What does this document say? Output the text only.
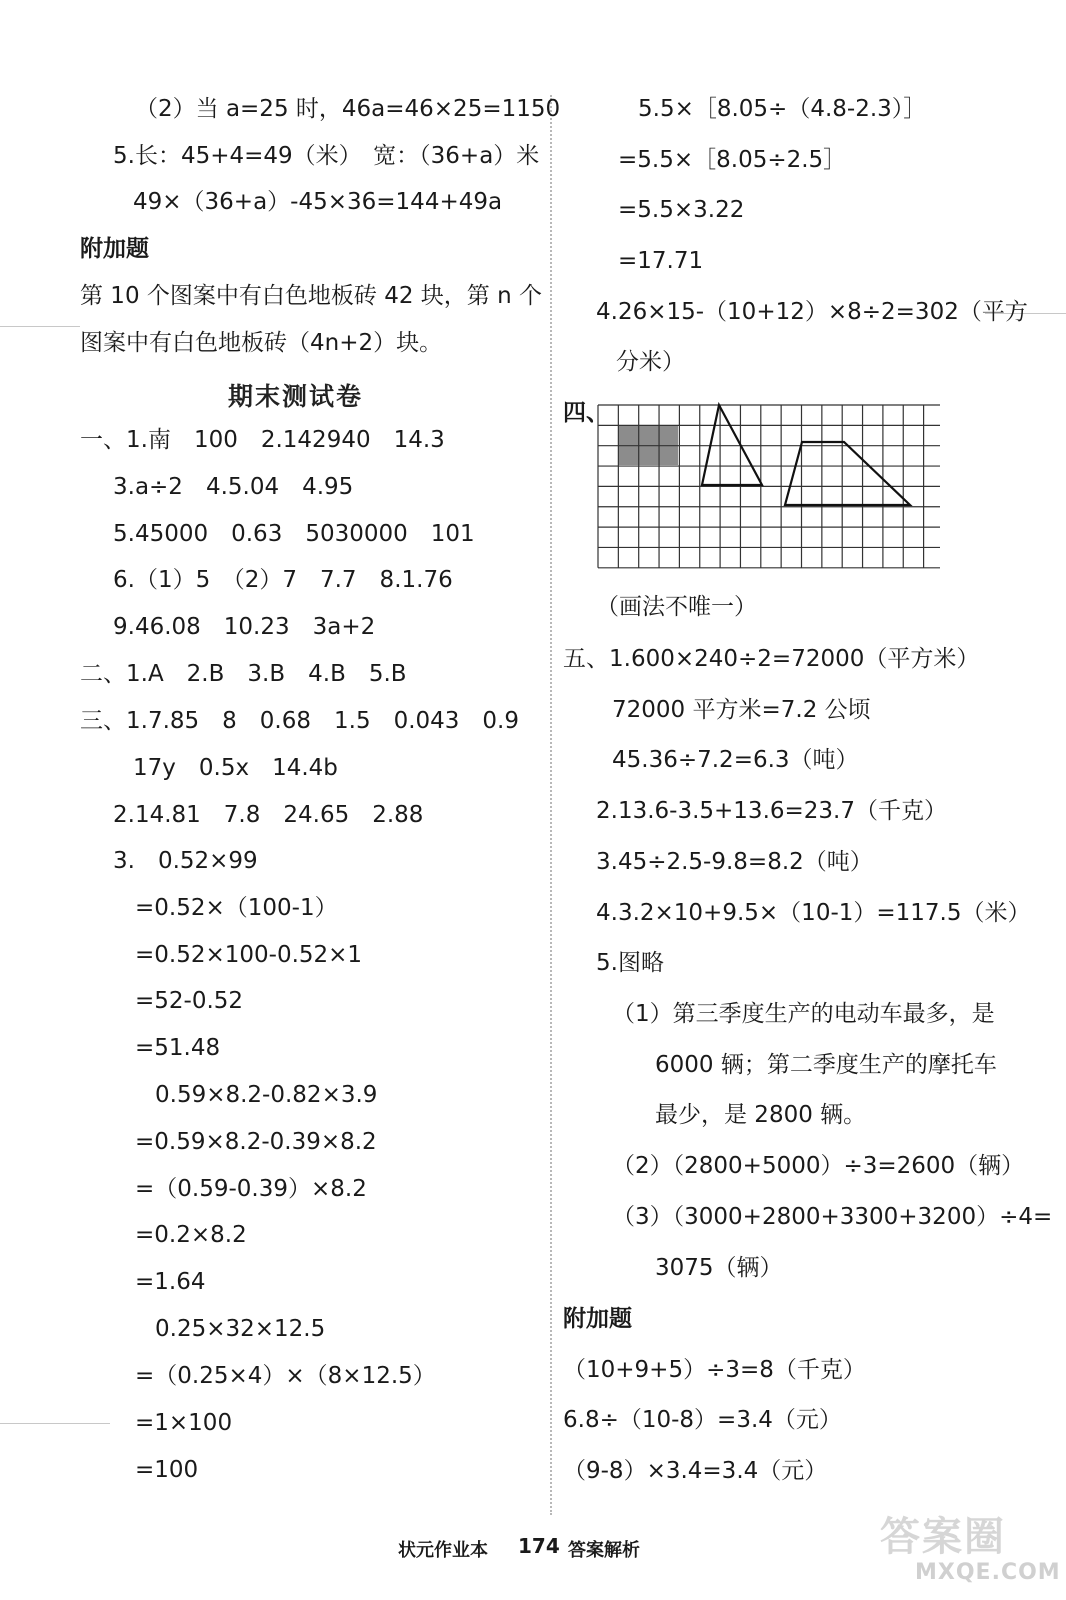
（2）当 a=25 时，46a=46×25=1150
5.长：45+4=49（米）　宽：（36+a）米
49×（36+a）-45×36=144+49a
附加题
第 10 个图案中有白色地板砖 42 块，第 n 个
图案中有白色地板砖（4n+2）块。
期末测试卷
一、1.南　100　2.142940　14.3
3.a÷2　4.5.04　4.95
5.45000　0.63　5030000　101
6.（1）5　（2）7　7.7　8.1.76
9.46.08　10.23　3a+2
二、1.A　2.B　3.B　4.B　5.B
三、1.7.85　8　0.68　1.5　0.043　0.9
17y　0.5x　14.4b
2.14.81　7.8　24.65　2.88
3.　0.52×99
=0.52×（100-1）
=0.52×100-0.52×1
=52-0.52
=51.48
0.59×8.2-0.82×3.9
=0.59×8.2-0.39×8.2
=（0.59-0.39）×8.2
=0.2×8.2
=1.64
0.25×32×12.5
=（0.25×4）×（8×12.5）
=1×100
=100
5.5×［8.05÷（4.8-2.3）］
=5.5×［8.05÷2.5］
=5.5×3.22
=17.71
4.26×15-（10+12）×8÷2=302（平方
分米）
四、
（画法不唯一）
五、1.600×240÷2=72000（平方米）
72000 平方米=7.2 公顷
45.36÷7.2=6.3（吨）
2.13.6-3.5+13.6=23.7（千克）
3.45÷2.5-9.8=8.2（吨）
4.3.2×10+9.5×（10-1）=117.5（米）
5.图略
（1）第三季度生产的电动车最多，是
6000 辆；第二季度生产的摩托车
最少，是 2800 辆。
（2）（2800+5000）÷3=2600（辆）
（3）（3000+2800+3300+3200）÷4=
3075（辆）
附加题
（10+9+5）÷3=8（千克）
6.8÷（10-8）=3.4（元）
（9-8）×3.4=3.4（元）
状元作业本 174 答案解析	答案圈
MXQE.COM
